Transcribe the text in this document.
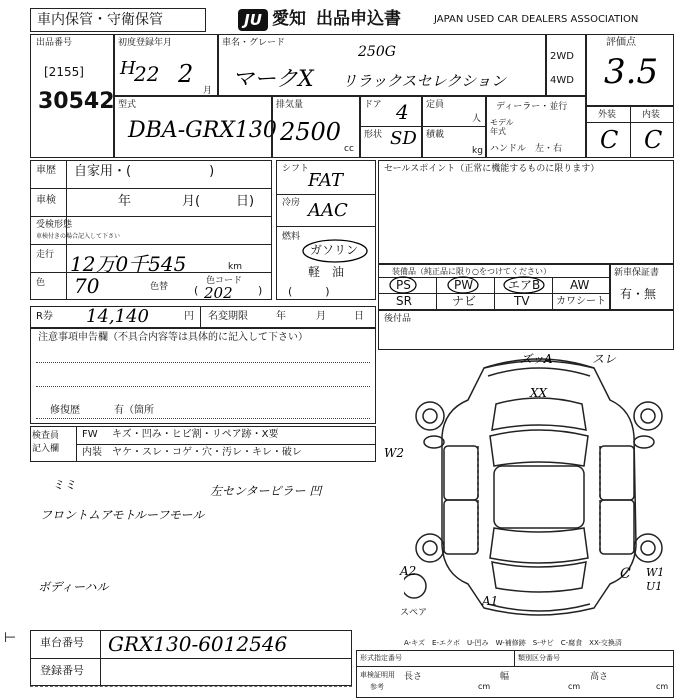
車内保管・守衛保管	JU 愛知 出品申込書	JAPAN USED CAR DEALERS ASSOCIATION
出品番号
[2155]
30542
初度登録年月
H
22 2
月
車名・グレード
250G
マークX リラックスセレクション
2WD
4WD
評価点
3.5
外装	内装
C C
型式
DBA-GRX130
排気量
2500
cc
ドア 4
形状 SD
定員
人
積載
kg
ディーラー・並行
モデル
年式
ハンドル　左・右
車歴 自家用・(　　　　　　)
車検	年	月(	日)
受検形態
車検付きの場合記入して下さい
走行 12万0千545	km
色 70	色替
色コード
202
(	)
シフト
FAT
冷房 AAC
燃料
ガソリン
軽　油
(　　　)
セールスポイント（正常に機能するものに限ります）
装備品（純正品に限り○をつけてください）
PS	PW	エアB AW
SR	ナビ	TV	カワシート
新車保証書
有・無
R券 14,140	円 名変期限	年	月	日 後付品
注意事項申告欄（不具合内容等は具体的に記入して下さい）
修復歴	有（箇所
検査員
記入欄
FW キズ・凹み・ヒビ割・リペア跡・X要
内装 ヤケ・スレ・コゲ・穴・汚レ・キレ・破レ
ミミ
フロントムアモト
ルーフモール
左センターピラー 凹
ボディーハル
ズッA	スレ
XX
W2
A2	C W1
U1
A1
スペア
A-キズ　E-エクボ　U-凹み　W-補修跡　S-サビ　C-腐食　XX-交換済
車台番号 GRX130-6012546
登録番号
形式指定番号	類別区分番号
車検証明用
参考
長さ
cm
幅
cm
高さ
cm
⊢
